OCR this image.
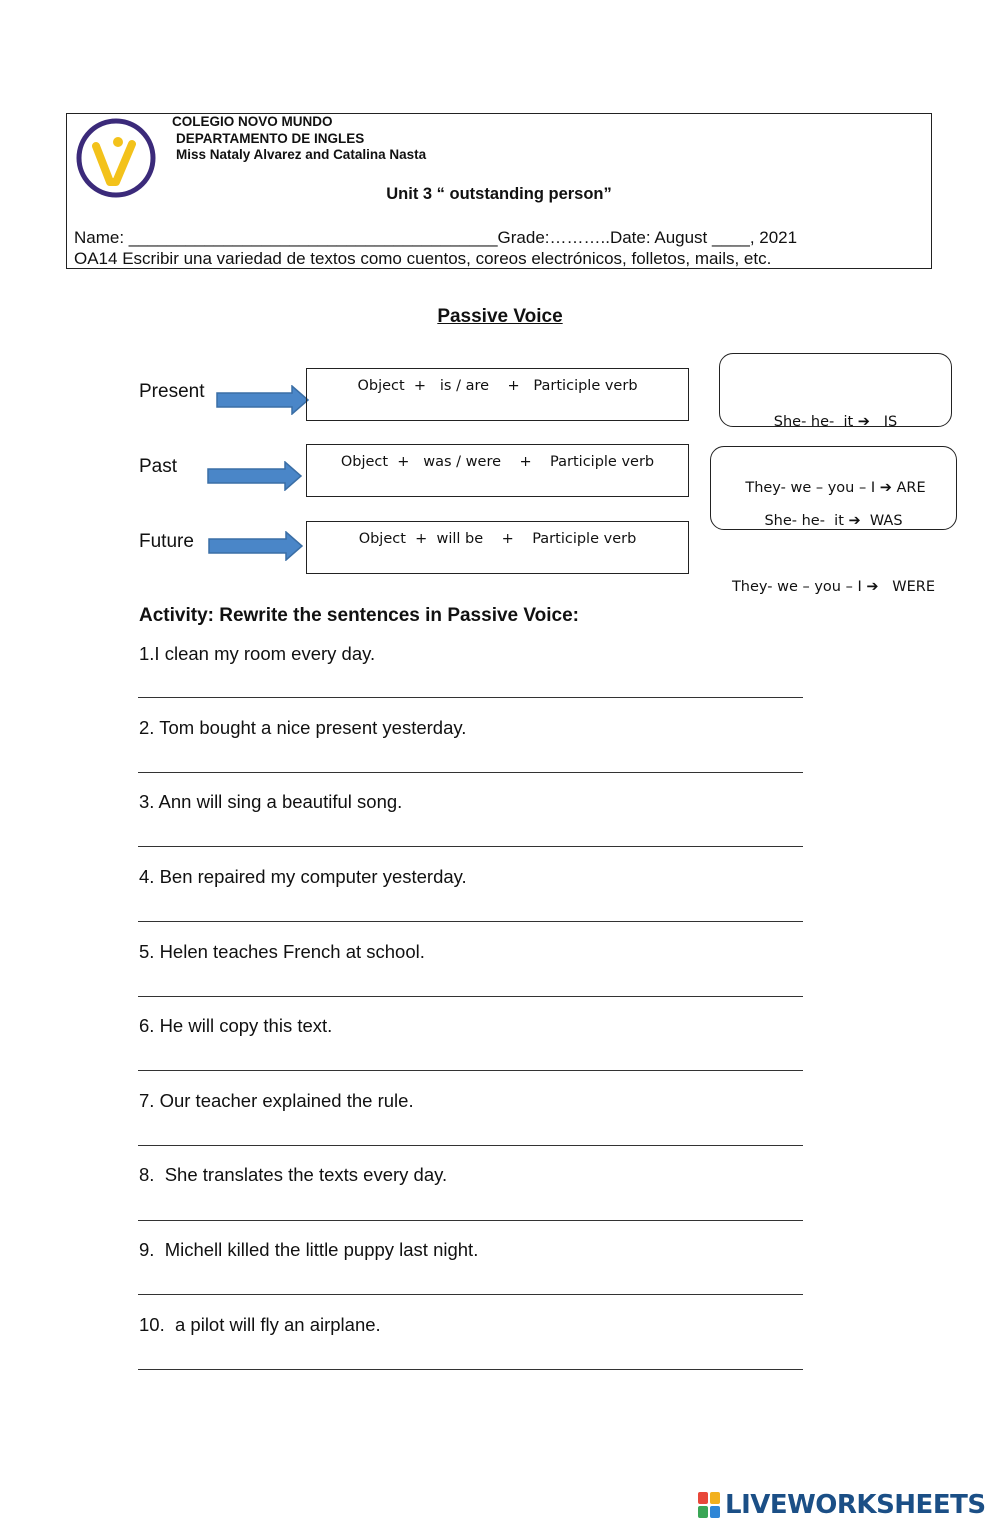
COLEGIO NOVO MUNDO
DEPARTAMENTO DE INGLES
Miss Nataly Alvarez and Catalina Nasta
Unit 3 “ outstanding person”
Name: _______________________________________Grade:………..Date: August ____, 2021
OA14 Escribir una variedad de textos como cuentos, coreos electrónicos, folletos, mails, etc.
Passive Voice
Present	Object  +   is / are    +   Participle verb
Past	Object  +   was / were    +    Participle verb
Future	Object  +  will be    +    Participle verb

She- he-  it ➔   IS

They- we – you – I ➔ ARE

She- he-  it ➔  WAS

They- we – you – I ➔   WERE

Activity: Rewrite the sentences in Passive Voice:
1.I clean my room every day.
2. Tom bought a nice present yesterday.
3. Ann will sing a beautiful song.
4. Ben repaired my computer yesterday.
5. Helen teaches French at school.
6. He will copy this text.
7. Our teacher explained the rule.
8.  She translates the texts every day.
9.  Michell killed the little puppy last night.
10.  a pilot will fly an airplane.
LIVEWORKSHEETS
